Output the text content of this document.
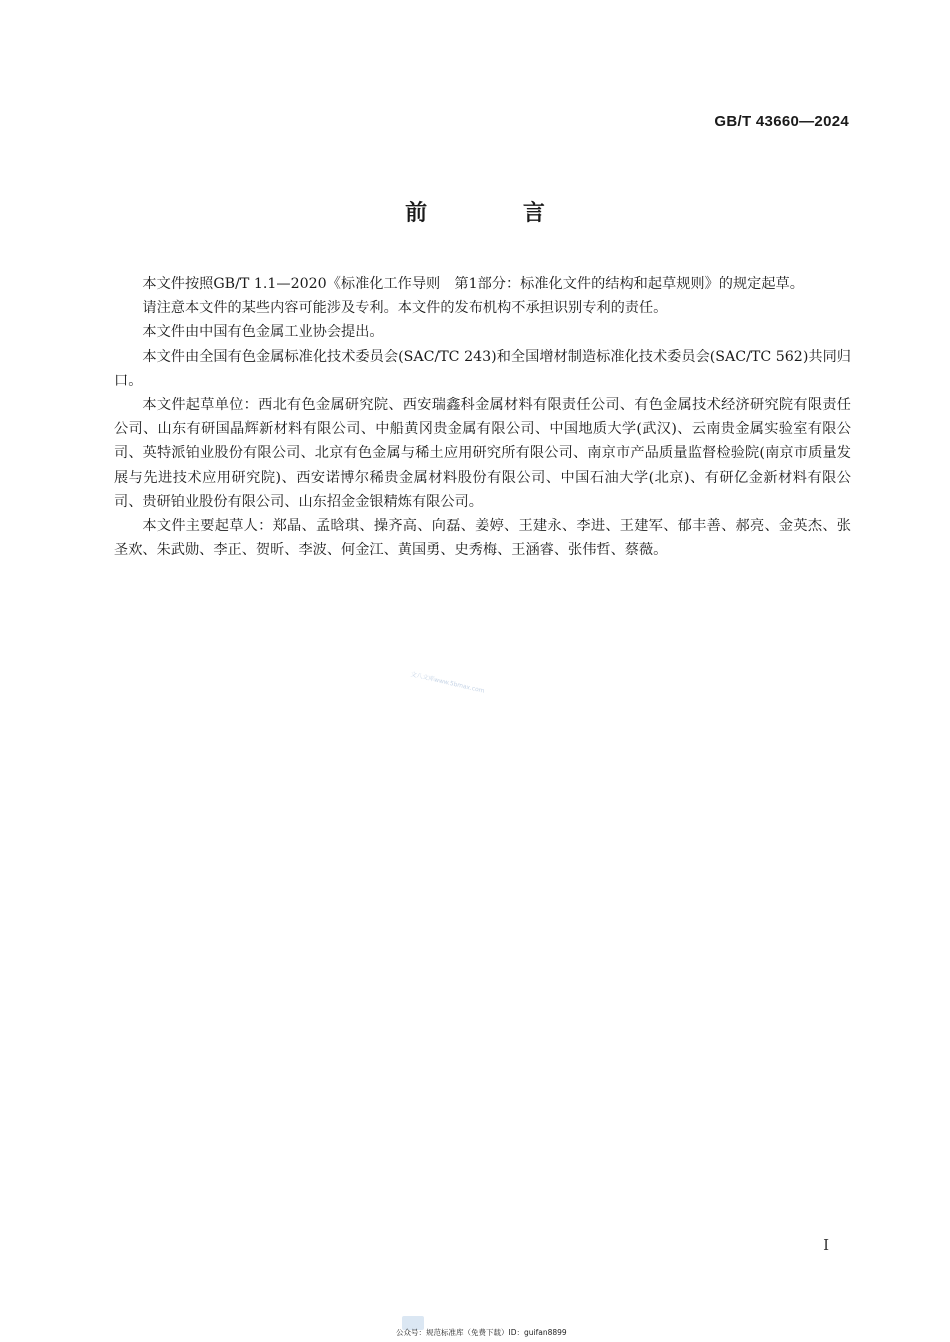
GB/T 43660—2024
前 言

本文件按照GB/T 1.1—2020《标准化工作导则　第1部分：标准化文件的结构和起草规则》的规定起草。

请注意本文件的某些内容可能涉及专利。本文件的发布机构不承担识别专利的责任。

本文件由中国有色金属工业协会提出。

本文件由全国有色金属标准化技术委员会(SAC/TC 243)和全国增材制造标准化技术委员会(SAC/TC 562)共同归口。

本文件起草单位：西北有色金属研究院、西安瑞鑫科金属材料有限责任公司、有色金属技术经济研究院有限责任公司、山东有研国晶辉新材料有限公司、中船黄冈贵金属有限公司、中国地质大学(武汉)、云南贵金属实验室有限公司、英特派铂业股份有限公司、北京有色金属与稀土应用研究所有限公司、南京市产品质量监督检验院(南京市质量发展与先进技术应用研究院)、西安诺博尔稀贵金属材料股份有限公司、中国石油大学(北京)、有研亿金新材料有限公司、贵研铂业股份有限公司、山东招金金银精炼有限公司。

本文件主要起草人：郑晶、孟晗琪、操齐高、向磊、姜婷、王建永、李进、王建军、郁丰善、郝亮、金英杰、张圣欢、朱武勋、李正、贺昕、李波、何金江、黄国勇、史秀梅、王涵睿、张伟哲、蔡薇。

文八文库www.5bmax.com
I
公众号：规范标准库（免费下载）ID：guifan8899
